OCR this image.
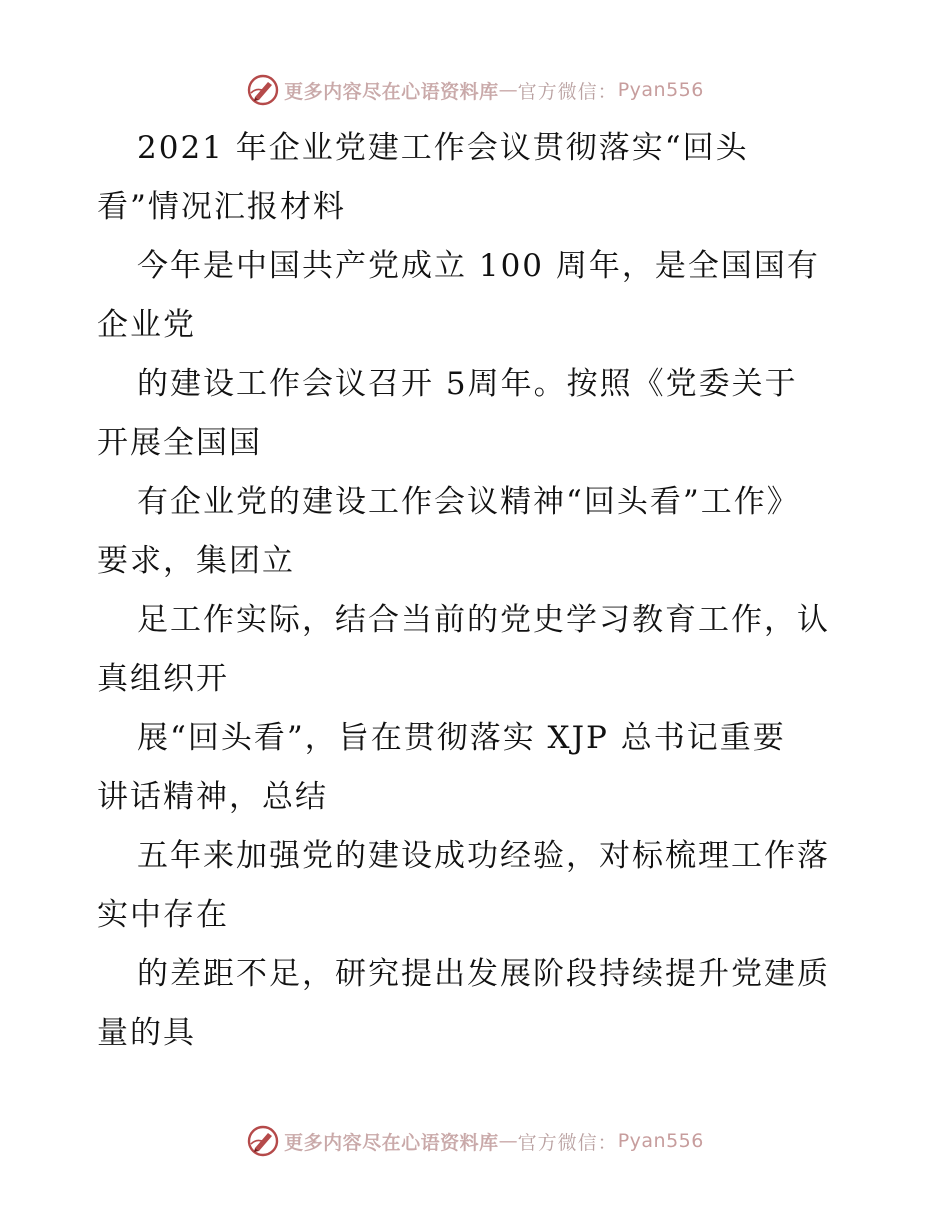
更多内容尽在心语资料库 — 官方微信： Pyan556
2021 年企业党建工作会议贯彻落实“回头
看”情况汇报材料
今年是中国共产党成立 100 周年，是全国国有
企业党
的建设工作会议召开 5周年。按照《党委关于
开展全国国
有企业党的建设工作会议精神“回头看”工作》
要求，集团立
足工作实际，结合当前的党史学习教育工作，认
真组织开
展“回头看”，旨在贯彻落实 XJP 总书记重要
讲话精神，总结
五年来加强党的建设成功经验，对标梳理工作落
实中存在
的差距不足，研究提出发展阶段持续提升党建质
量的具
更多内容尽在心语资料库 — 官方微信： Pyan556
